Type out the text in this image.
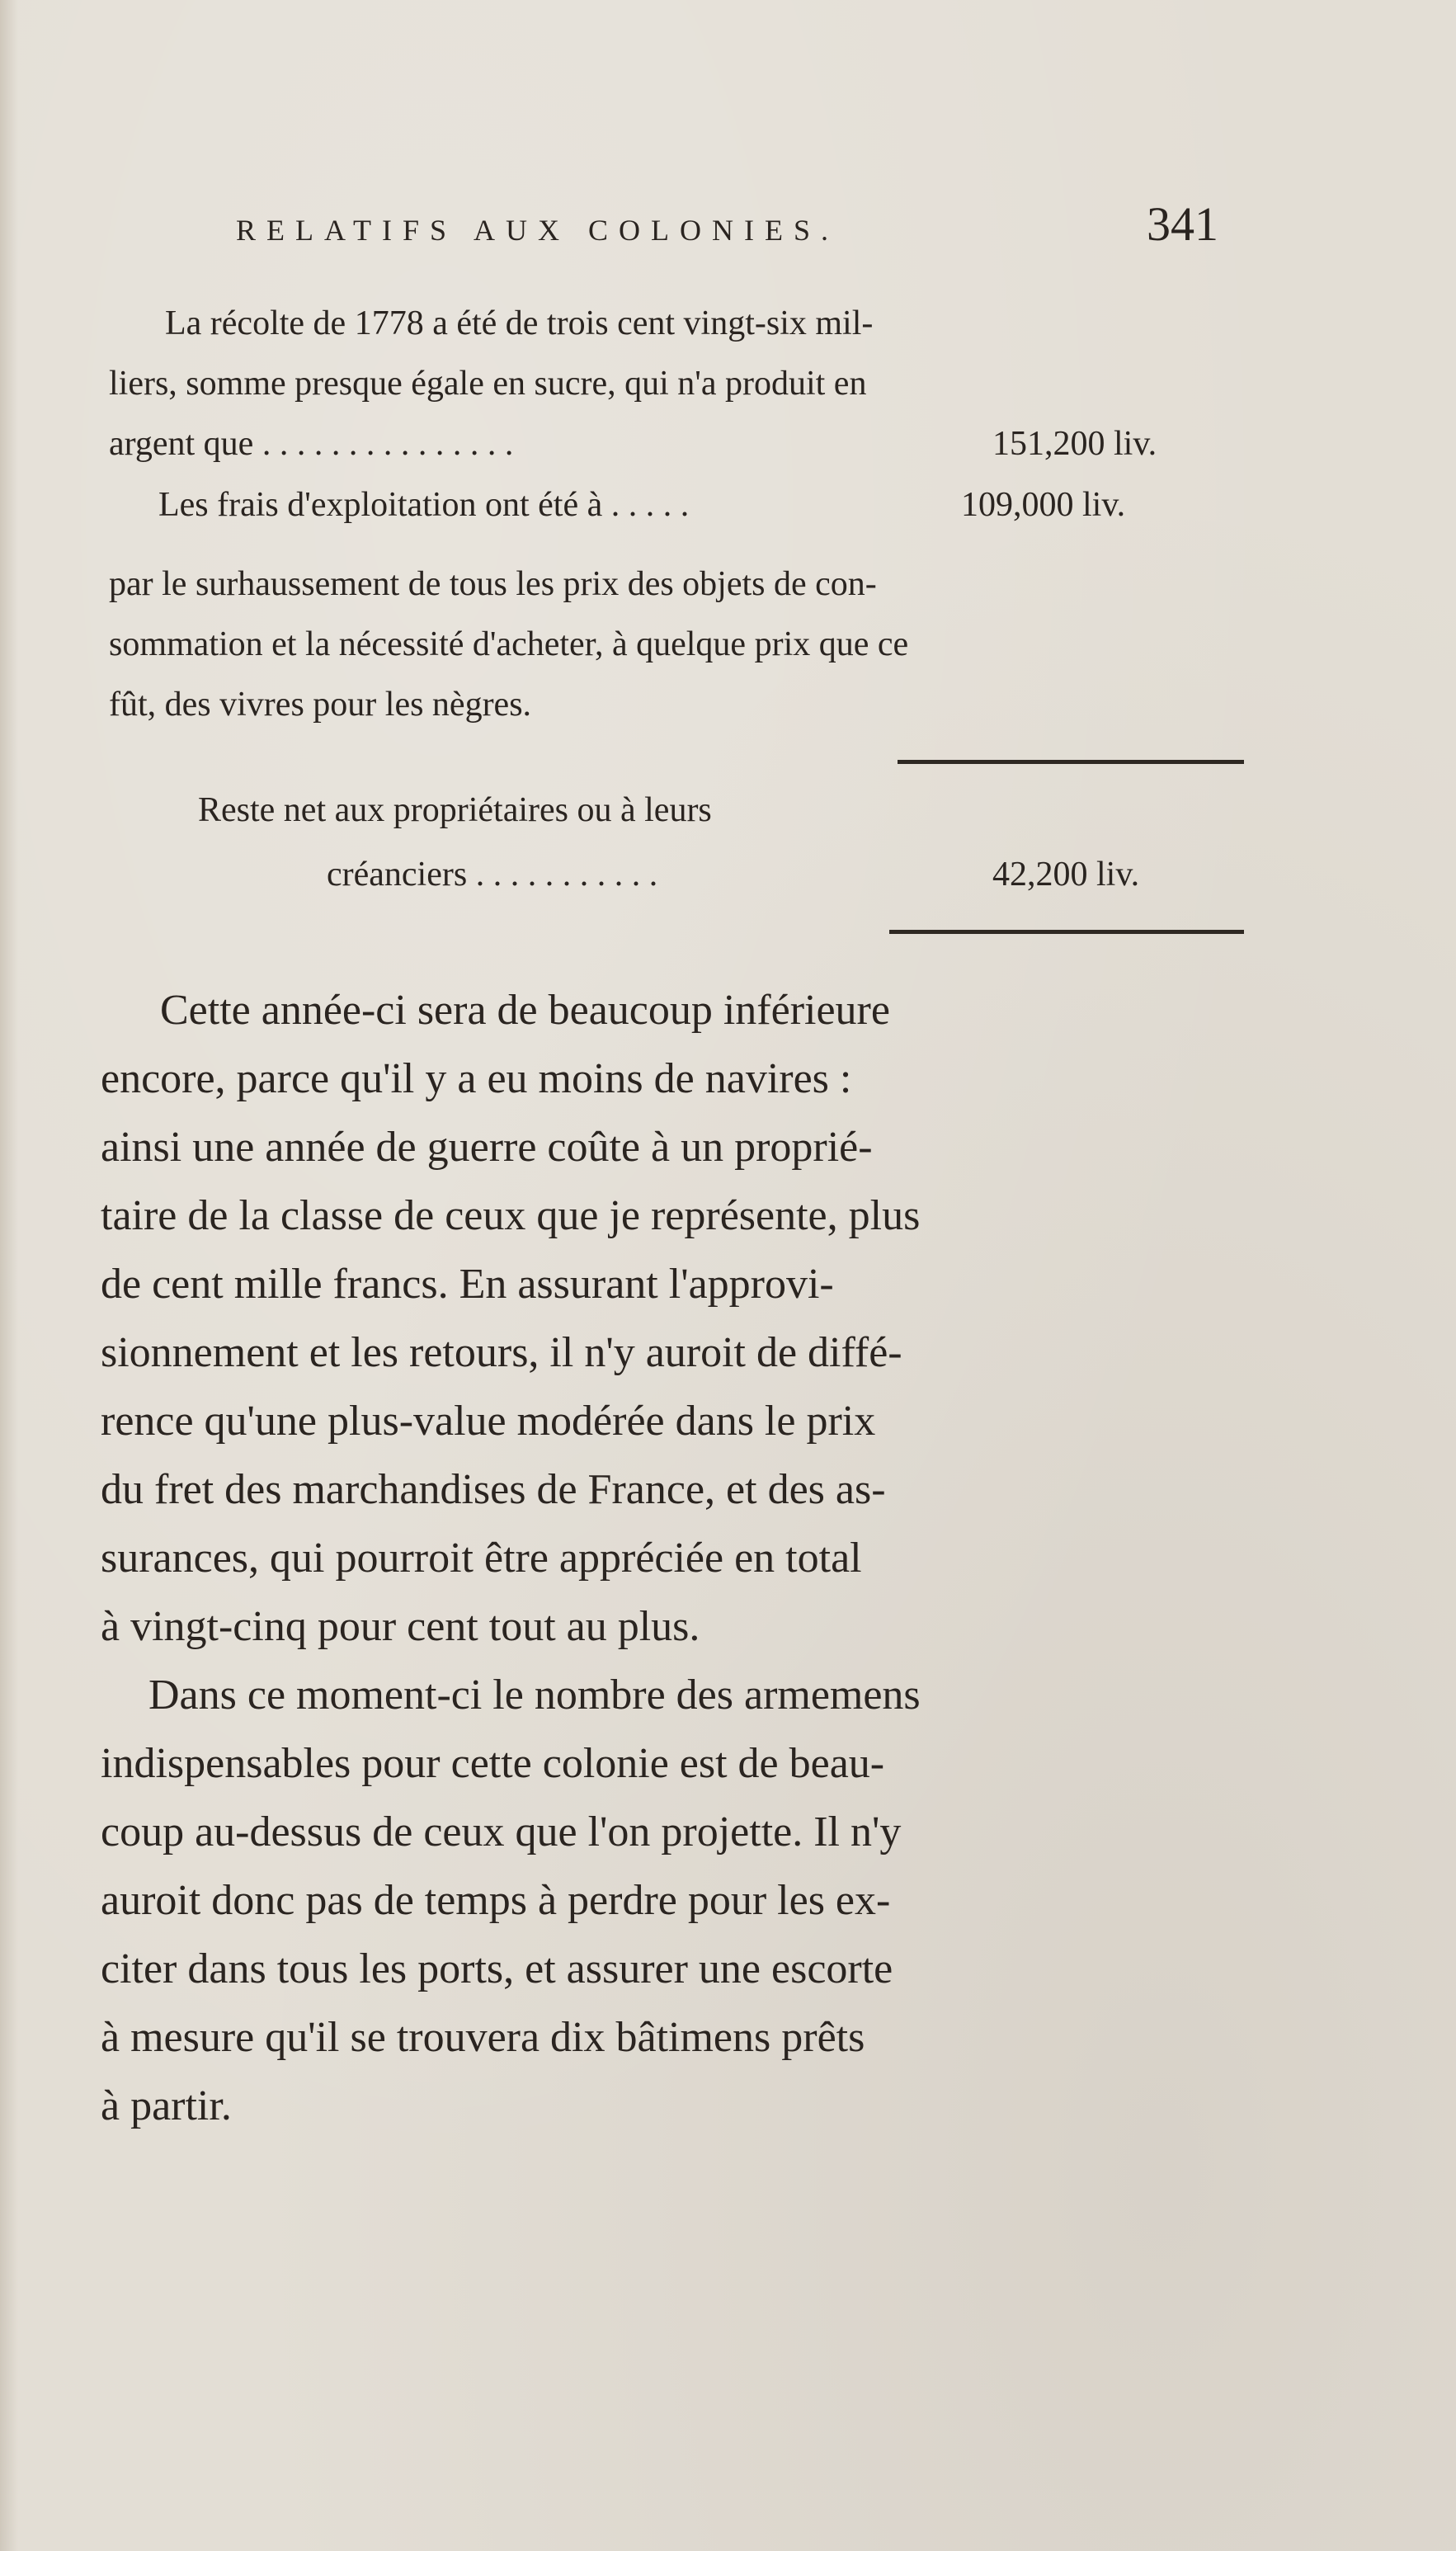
RELATIFS AUX COLONIES.	341
La récolte de 1778 a été de trois cent vingt-six mil-
liers, somme presque égale en sucre, qui n'a produit en
argent que . . . . . . . . . . . . . . .	151,200 liv.
Les frais d'exploitation ont été à . . . . .	109,000 liv.
par le surhaussement de tous les prix des objets de con-
sommation et la nécessité d'acheter, à quelque prix que ce
fût, des vivres pour les nègres.
Reste net aux propriétaires ou à leurs
créanciers . . . . . . . . . . .	42,200 liv.
Cette année-ci sera de beaucoup inférieure
encore, parce qu'il y a eu moins de navires :
ainsi une année de guerre coûte à un proprié-
taire de la classe de ceux que je représente, plus
de cent mille francs. En assurant l'approvi-
sionnement et les retours, il n'y auroit de diffé-
rence qu'une plus-value modérée dans le prix
du fret des marchandises de France, et des as-
surances, qui pourroit être appréciée en total
à vingt-cinq pour cent tout au plus.
Dans ce moment-ci le nombre des armemens
indispensables pour cette colonie est de beau-
coup au-dessus de ceux que l'on projette. Il n'y
auroit donc pas de temps à perdre pour les ex-
citer dans tous les ports, et assurer une escorte
à mesure qu'il se trouvera dix bâtimens prêts
à partir.
